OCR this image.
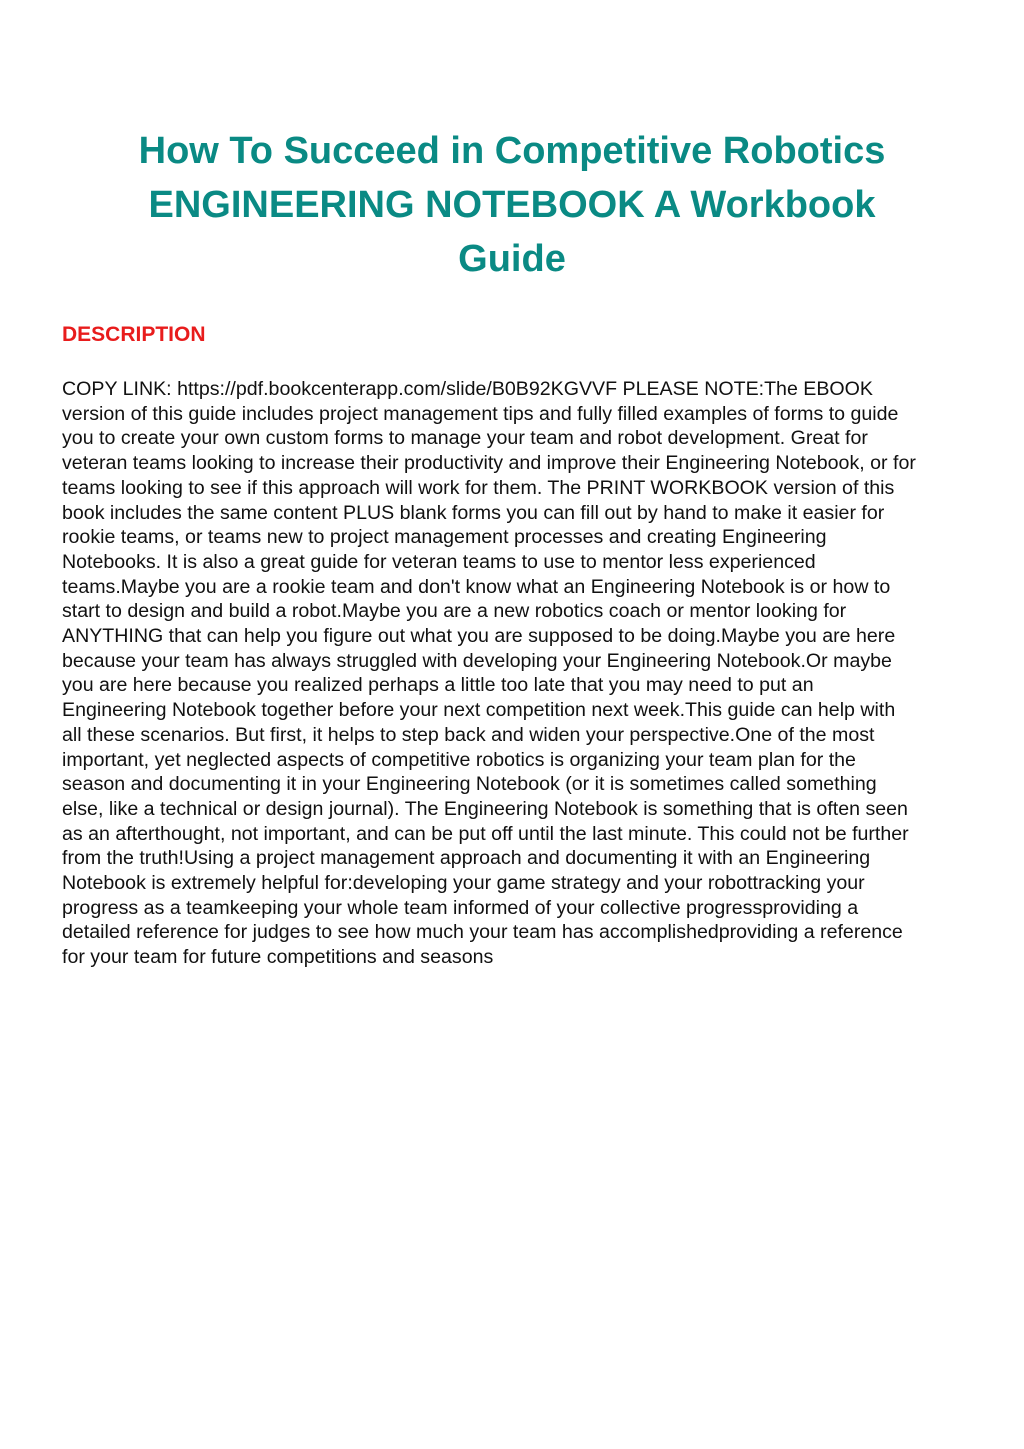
How To Succeed in Competitive Robotics
ENGINEERING NOTEBOOK A Workbook
Guide
DESCRIPTION

COPY LINK: https://pdf.bookcenterapp.com/slide/B0B92KGVVF PLEASE NOTE:The EBOOK
version of this guide includes project management tips and fully filled examples of forms to guide
you to create your own custom forms to manage your team and robot development. Great for
veteran teams looking to increase their productivity and improve their Engineering Notebook, or for
teams looking to see if this approach will work for them. The PRINT WORKBOOK version of this
book includes the same content PLUS blank forms you can fill out by hand to make it easier for
rookie teams, or teams new to project management processes and creating Engineering
Notebooks. It is also a great guide for veteran teams to use to mentor less experienced
teams.Maybe you are a rookie team and don't know what an Engineering Notebook is or how to
start to design and build a robot.Maybe you are a new robotics coach or mentor looking for
ANYTHING that can help you figure out what you are supposed to be doing.Maybe you are here
because your team has always struggled with developing your Engineering Notebook.Or maybe
you are here because you realized perhaps a little too late that you may need to put an
Engineering Notebook together before your next competition next week.This guide can help with
all these scenarios. But first, it helps to step back and widen your perspective.One of the most
important, yet neglected aspects of competitive robotics is organizing your team plan for the
season and documenting it in your Engineering Notebook (or it is sometimes called something
else, like a technical or design journal). The Engineering Notebook is something that is often seen
as an afterthought, not important, and can be put off until the last minute. This could not be further
from the truth!Using a project management approach and documenting it with an Engineering
Notebook is extremely helpful for:developing your game strategy and your robottracking your
progress as a teamkeeping your whole team informed of your collective progressproviding a
detailed reference for judges to see how much your team has accomplishedproviding a reference
for your team for future competitions and seasons
